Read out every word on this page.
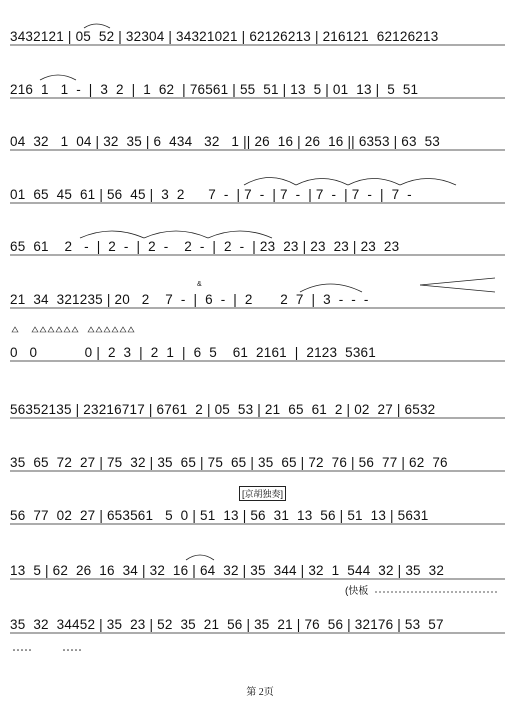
3432121 | 05  52 | 32304 | 34321021 | 62126213 | 216121  62126213
216  1   1  -  |  3  2  |  1  62  | 76561 | 55  51 | 13  5 | 01  13 |  5  51
04  32   1  04 | 32  35 | 6  434   32   1 || 26  16 | 26  16 || 6353 | 63  53
01  65  45  61 | 56  45 |  3  2      7  -  | 7  -  | 7  -  | 7  -  | 7  -  |  7  -
65  61    2   -  |  2  -  |  2  -    2  -  |  2  -  | 23  23 | 23  23 | 23  23
21  34  321235 | 20   2    7  -  |  6  -  |  2       2  7  |  3  -  -  -
0   0            0 |  2  3  |  2  1  |  6  5    61  2161  |  2123  5361
56352135 | 23216717 | 6761  2 | 05  53 | 21  65  61  2 | 02  27 | 6532
35  65  72  27 | 75  32 | 35  65 | 75  65 | 35  65 | 72  76 | 56  77 | 62  76
56  77  02  27 | 653561   5  0 | 51  13 | 56  31  13  56 | 51  13 | 5631
13  5 | 62  26  16  34 | 32  16 | 64  32 | 35  344 | 32  1  544  32 | 35  32
35  32  34452 | 35  23 | 52  35  21  56 | 35  21 | 76  56 | 32176 | 53  57
[京胡独奏]
(快板
&
第 2页
